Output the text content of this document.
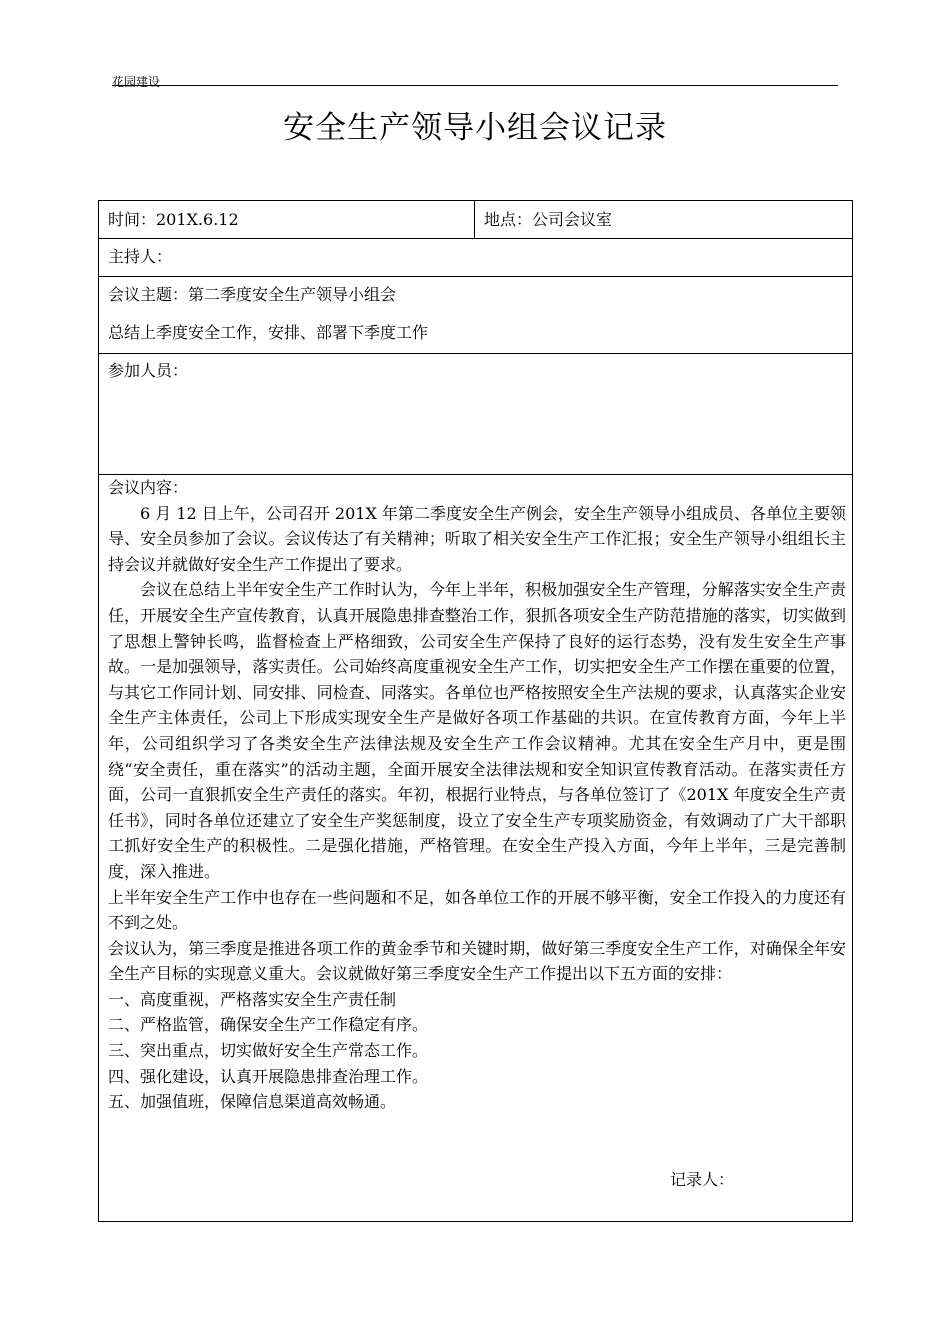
花园建设
安全生产领导小组会议记录
时间：201X.6.12	地点：公司会议室
主持人：
会议主题：第二季度安全生产领导小组会
总结上季度安全工作，安排、部署下季度工作
参加人员：

会议内容：

6 月 12 日上午，公司召开 201X 年第二季度安全生产例会，安全生产领导小组成员、各单位主要领导、安全员参加了会议。会议传达了有关精神；听取了相关安全生产工作汇报；安全生产领导小组组长主持会议并就做好安全生产工作提出了要求。

会议在总结上半年安全生产工作时认为，今年上半年，积极加强安全生产管理，分解落实安全生产责任，开展安全生产宣传教育，认真开展隐患排查整治工作，狠抓各项安全生产防范措施的落实，切实做到了思想上警钟长鸣，监督检查上严格细致，公司安全生产保持了良好的运行态势，没有发生安全生产事故。一是加强领导，落实责任。公司始终高度重视安全生产工作，切实把安全生产工作摆在重要的位置，与其它工作同计划、同安排、同检查、同落实。各单位也严格按照安全生产法规的要求，认真落实企业安全生产主体责任，公司上下形成实现安全生产是做好各项工作基础的共识。在宣传教育方面，今年上半年，公司组织学习了各类安全生产法律法规及安全生产工作会议精神。尤其在安全生产月中，更是围绕“安全责任，重在落实”的活动主题，全面开展安全法律法规和安全知识宣传教育活动。在落实责任方面，公司一直狠抓安全生产责任的落实。年初，根据行业特点，与各单位签订了《201X 年度安全生产责任书》，同时各单位还建立了安全生产奖惩制度，设立了安全生产专项奖励资金，有效调动了广大干部职工抓好安全生产的积极性。二是强化措施，严格管理。在安全生产投入方面，今年上半年，三是完善制度，深入推进。

上半年安全生产工作中也存在一些问题和不足，如各单位工作的开展不够平衡，安全工作投入的力度还有不到之处。

会议认为，第三季度是推进各项工作的黄金季节和关键时期，做好第三季度安全生产工作，对确保全年安全生产目标的实现意义重大。会议就做好第三季度安全生产工作提出以下五方面的安排：

一、高度重视，严格落实安全生产责任制

二、严格监管，确保安全生产工作稳定有序。

三、突出重点，切实做好安全生产常态工作。

四、强化建设，认真开展隐患排查治理工作。

五、加强值班，保障信息渠道高效畅通。

记录人：
